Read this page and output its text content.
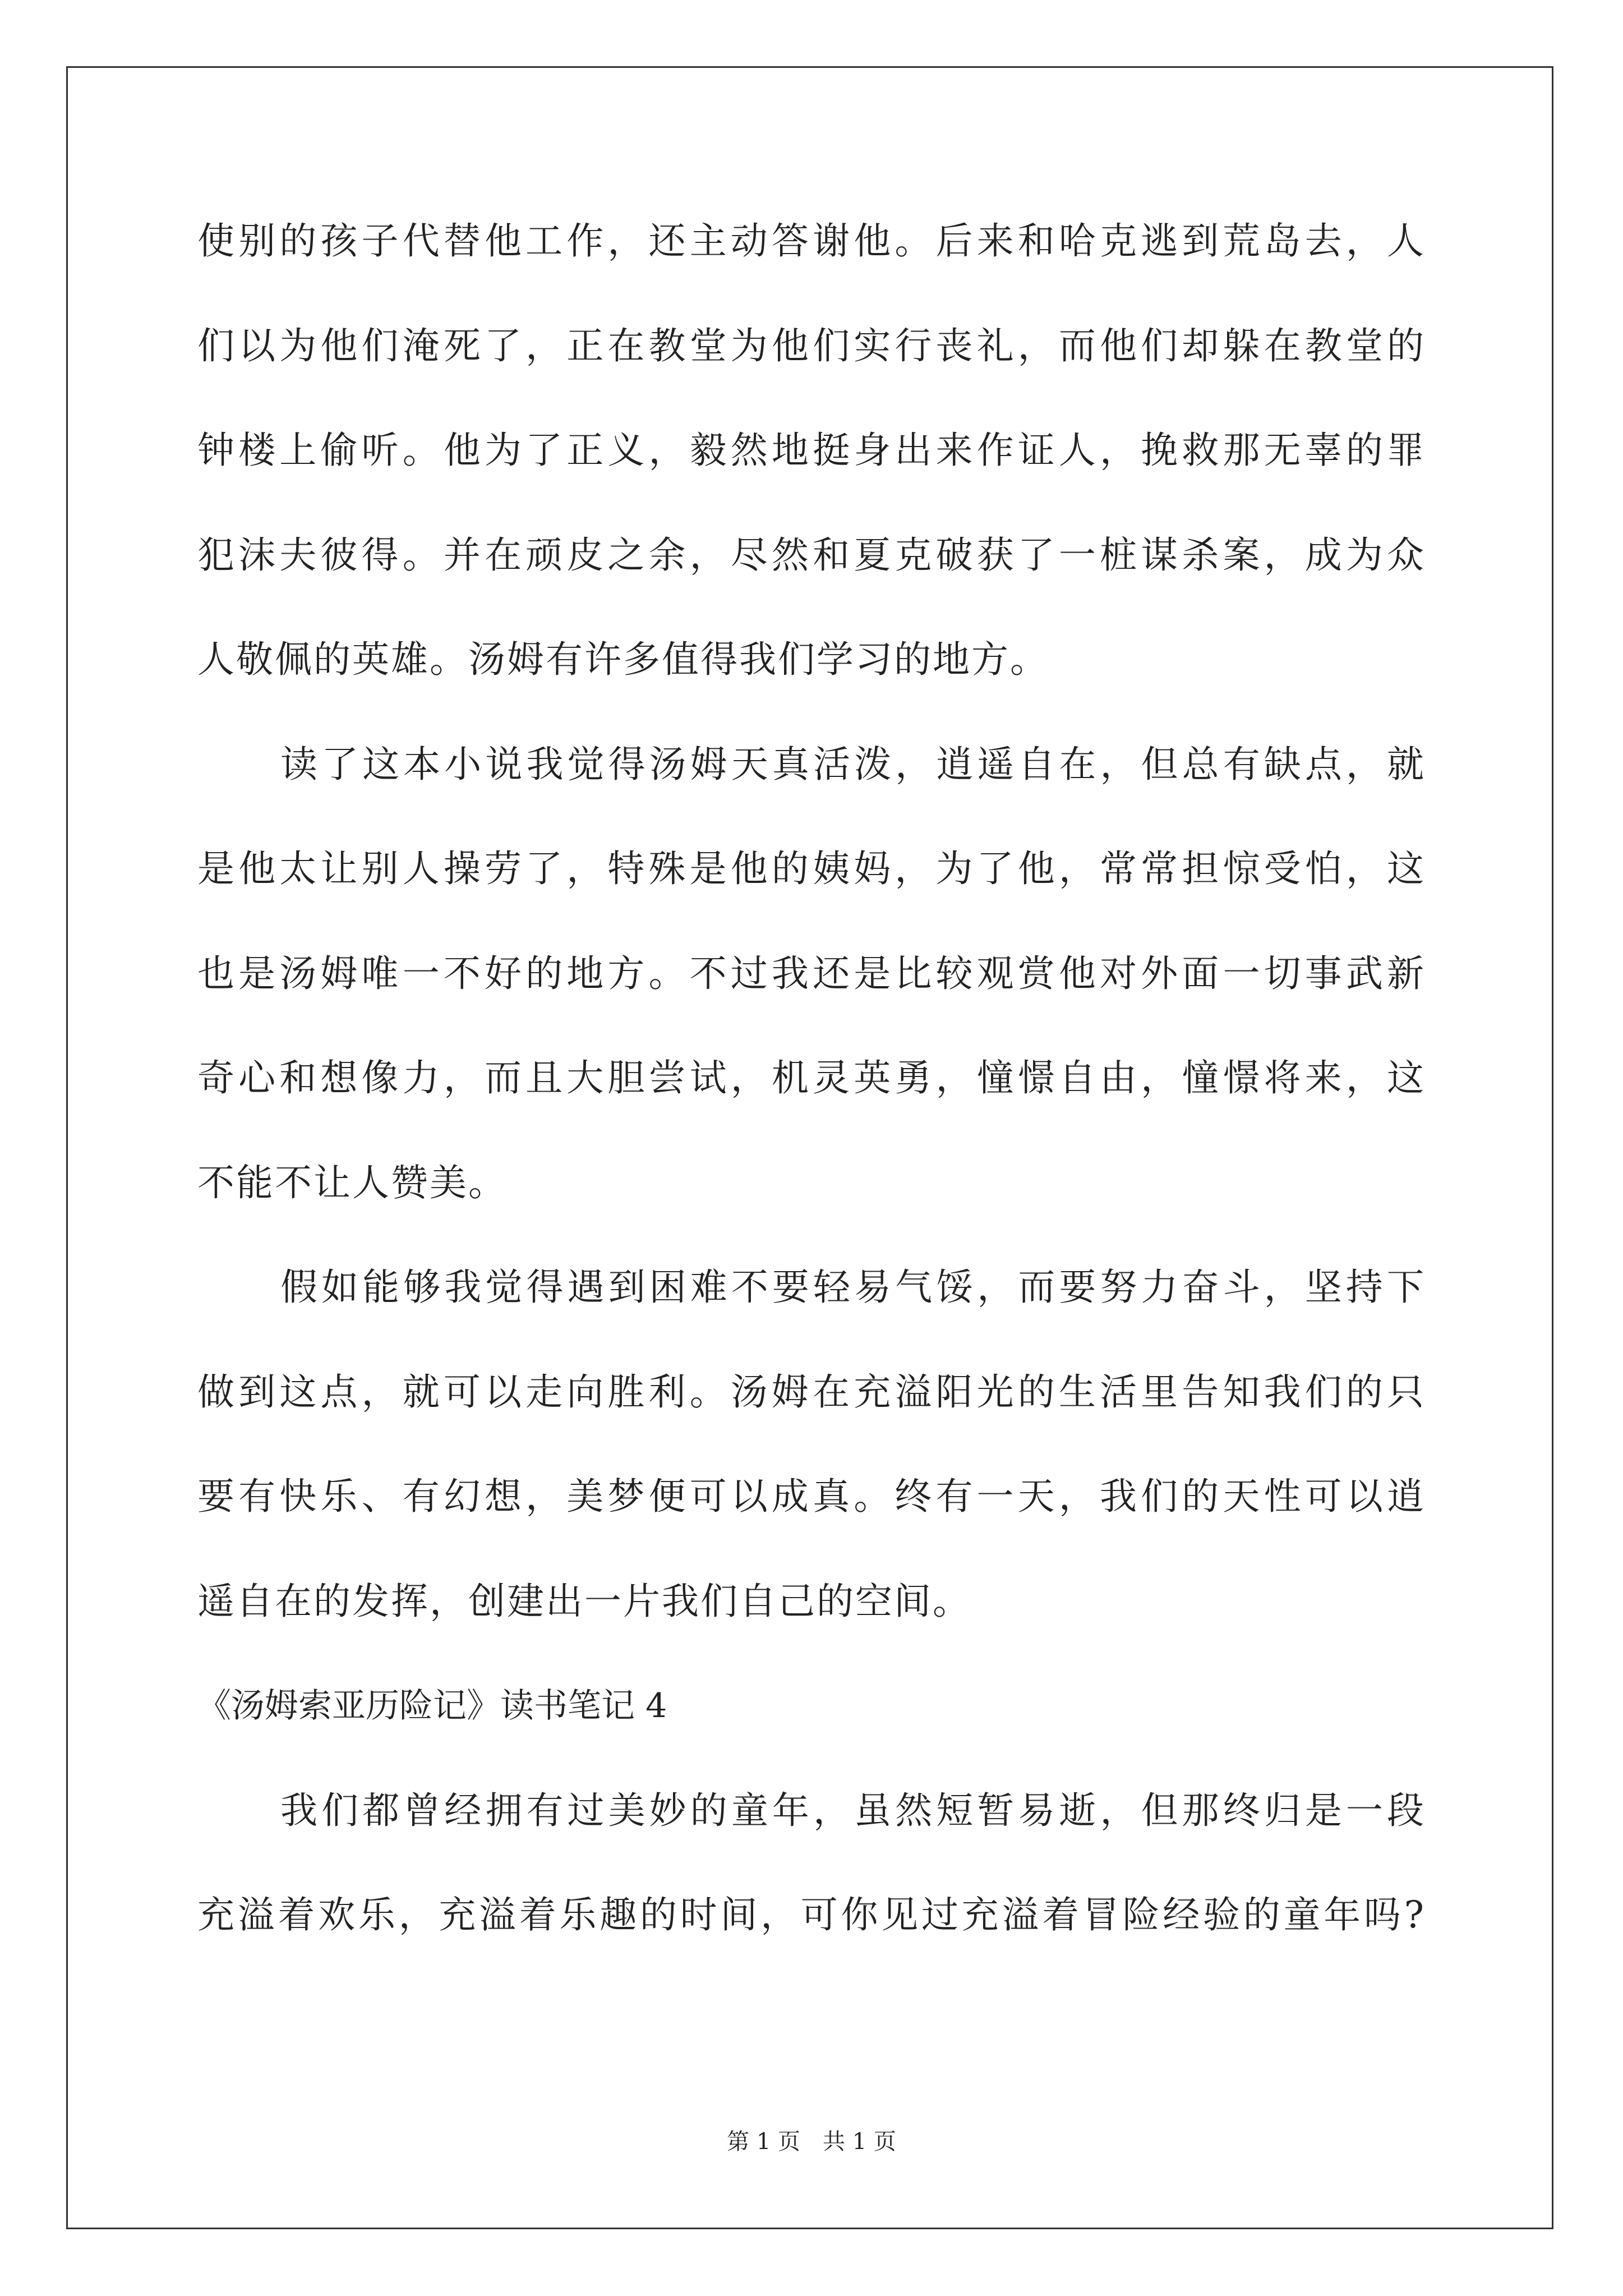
使别的孩子代替他工作，还主动答谢他。后来和哈克逃到荒岛去，人
们以为他们淹死了，正在教堂为他们实行丧礼，而他们却躲在教堂的
钟楼上偷听。他为了正义，毅然地挺身出来作证人，挽救那无辜的罪
犯沫夫彼得。并在顽皮之余，尽然和夏克破获了一桩谋杀案，成为众
人敬佩的英雄。汤姆有许多值得我们学习的地方。
读了这本小说我觉得汤姆天真活泼，逍遥自在，但总有缺点，就
是他太让别人操劳了，特殊是他的姨妈，为了他，常常担惊受怕，这
也是汤姆唯一不好的地方。不过我还是比较观赏他对外面一切事武新
奇心和想像力，而且大胆尝试，机灵英勇，憧憬自由，憧憬将来，这
不能不让人赞美。
假如能够我觉得遇到困难不要轻易气馁，而要努力奋斗，坚持下
做到这点，就可以走向胜利。汤姆在充溢阳光的生活里告知我们的只
要有快乐、有幻想，美梦便可以成真。终有一天，我们的天性可以逍
遥自在的发挥，创建出一片我们自己的空间。
《汤姆索亚历险记》读书笔记 4
我们都曾经拥有过美妙的童年，虽然短暂易逝，但那终归是一段
充溢着欢乐，充溢着乐趣的时间，可你见过充溢着冒险经验的童年吗?
第 1 页　共 1 页
